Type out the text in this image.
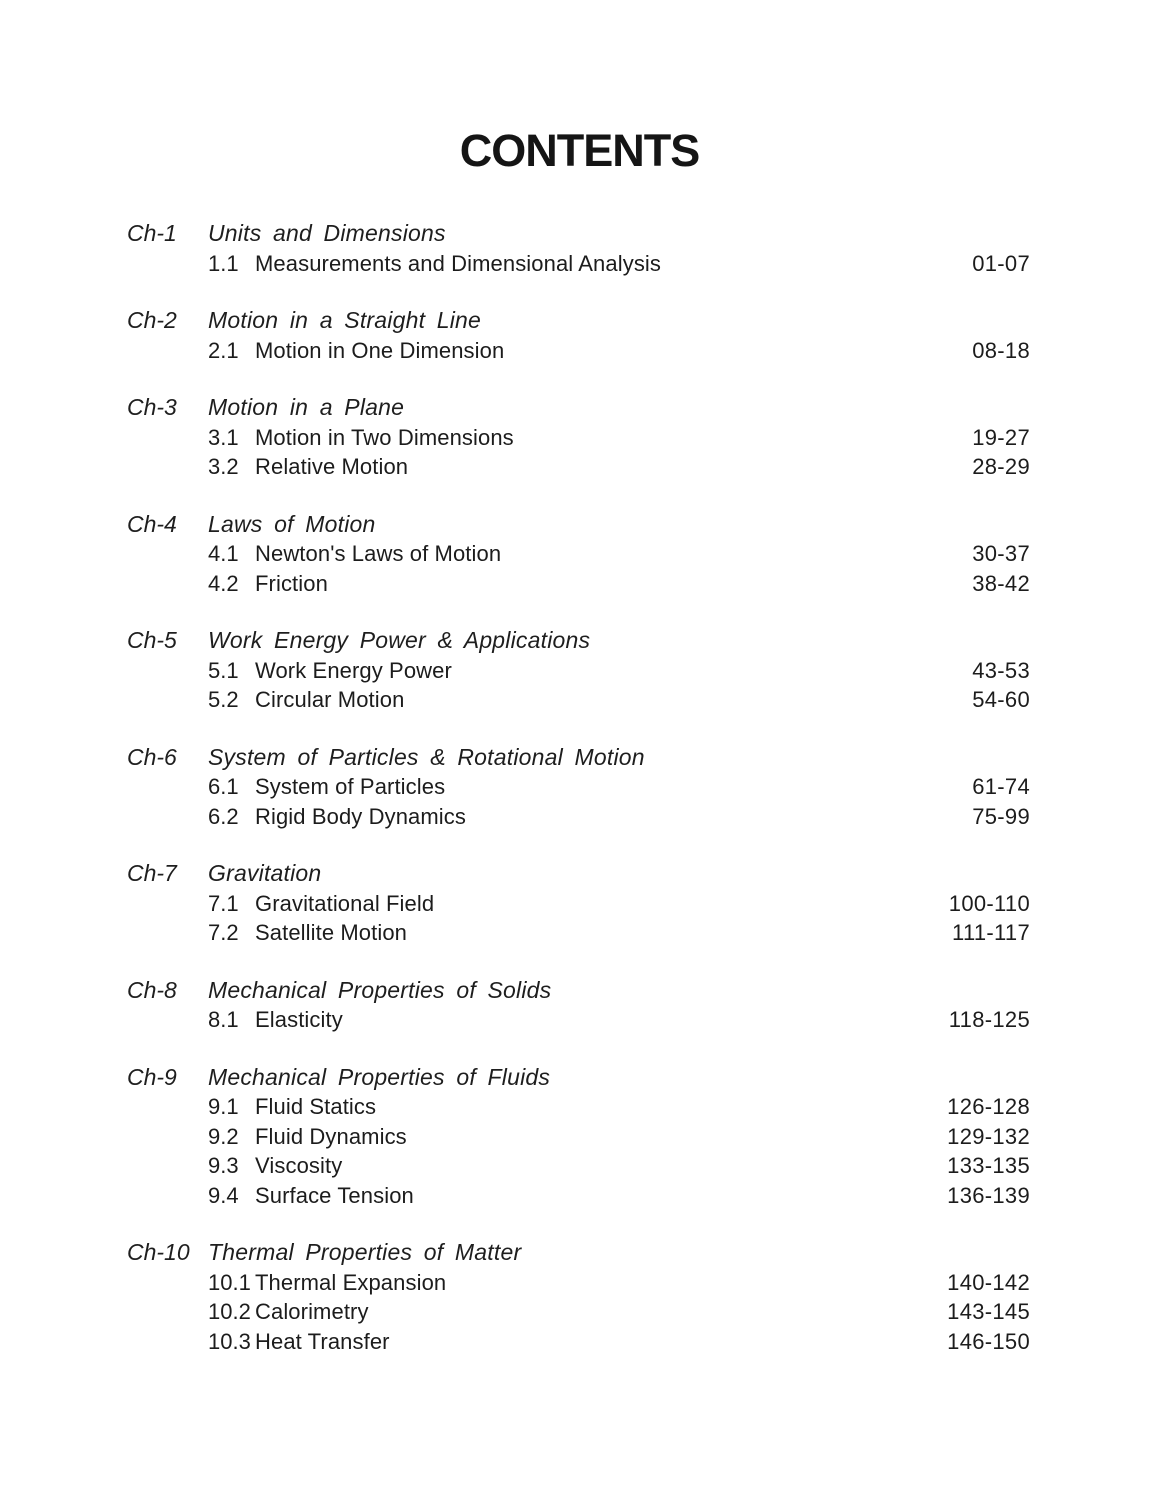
CONTENTS
Ch-1	Units and Dimensions
1.1 Measurements and Dimensional Analysis	01-07
Ch-2	Motion in a Straight Line
2.1 Motion in One Dimension	08-18
Ch-3	Motion in a Plane
3.1 Motion in Two Dimensions	19-27
3.2 Relative Motion	28-29
Ch-4	Laws of Motion
4.1 Newton's Laws of Motion	30-37
4.2 Friction	38-42
Ch-5	Work Energy Power & Applications
5.1 Work Energy Power	43-53
5.2 Circular Motion	54-60
Ch-6	System of Particles & Rotational Motion
6.1 System of Particles	61-74
6.2 Rigid Body Dynamics	75-99
Ch-7	Gravitation
7.1 Gravitational Field	100-110
7.2 Satellite Motion	111-117
Ch-8	Mechanical Properties of Solids
8.1 Elasticity	118-125
Ch-9	Mechanical Properties of Fluids
9.1 Fluid Statics	126-128
9.2 Fluid Dynamics	129-132
9.3 Viscosity	133-135
9.4 Surface Tension	136-139
Ch-10 Thermal Properties of Matter
10.1 Thermal Expansion	140-142
10.2 Calorimetry	143-145
10.3 Heat Transfer	146-150
